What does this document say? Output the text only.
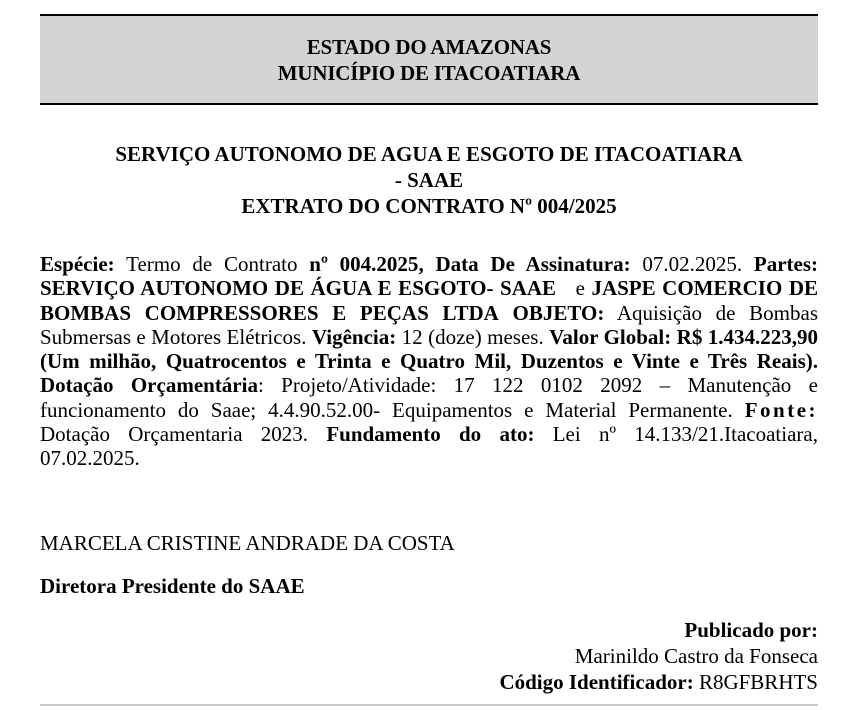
ESTADO DO AMAZONAS
MUNICÍPIO DE ITACOATIARA
SERVIÇO AUTONOMO DE AGUA E ESGOTO DE ITACOATIARA
- SAAE
EXTRATO DO CONTRATO Nº 004/2025
Espécie: Termo de Contrato nº 004.2025, Data De Assinatura: 07.02.2025. Partes: SERVIÇO AUTONOMO DE ÁGUA E ESGOTO- SAAE e JASPE COMERCIO DE BOMBAS COMPRESSORES E PEÇAS LTDA OBJETO: Aquisição de Bombas Submersas e Motores Elétricos. Vigência: 12 (doze) meses. Valor Global: R$ 1.434.223,90 (Um milhão, Quatrocentos e Trinta e Quatro Mil, Duzentos e Vinte e Três Reais). Dotação Orçamentária: Projeto/Atividade: 17 122 0102 2092 – Manutenção e funcionamento do Saae; 4.4.90.52.00- Equipamentos e Material Permanente. Fonte: Dotação Orçamentaria 2023. Fundamento do ato: Lei nº 14.133/21.Itacoatiara, 07.02.2025.
MARCELA CRISTINE ANDRADE DA COSTA
Diretora Presidente do SAAE
Publicado por:
Marinildo Castro da Fonseca
Código Identificador: R8GFBRHTS
